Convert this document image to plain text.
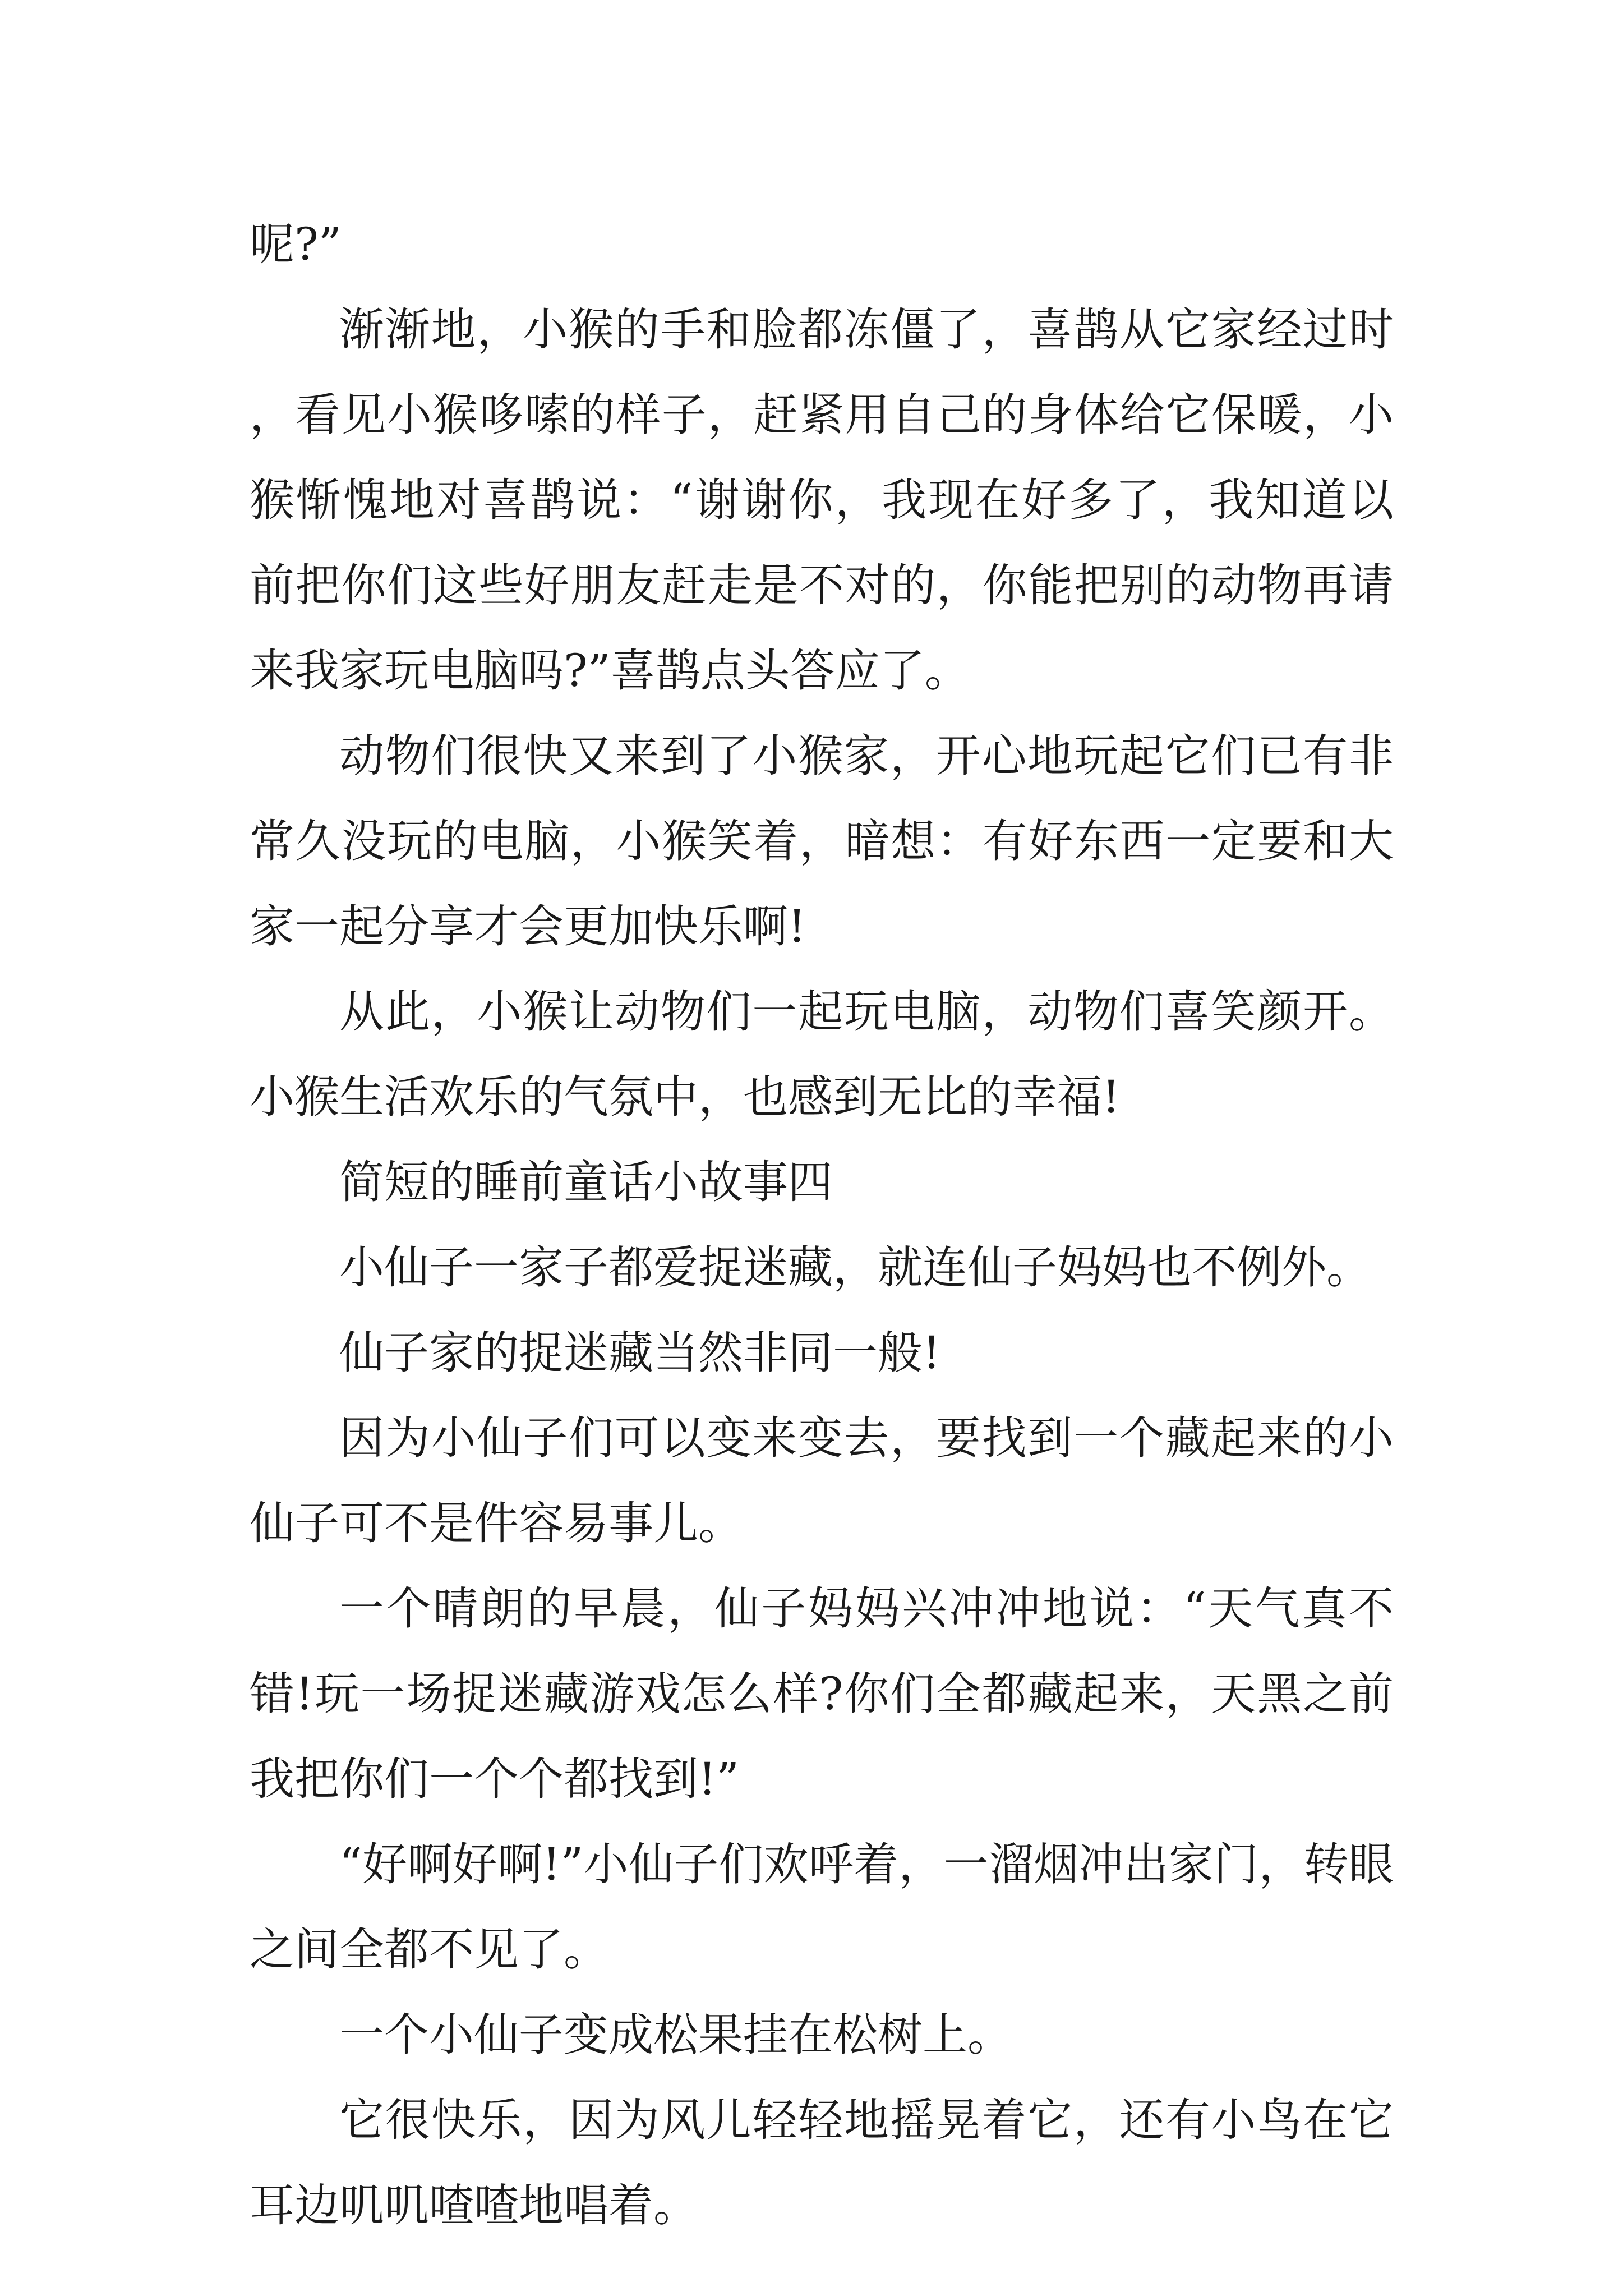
呢?”

渐渐地，小猴的手和脸都冻僵了，喜鹊从它家经过时，看见小猴哆嗦的样子，赶紧用自己的身体给它保暖，小猴惭愧地对喜鹊说：“谢谢你，我现在好多了，我知道以前把你们这些好朋友赶走是不对的，你能把别的动物再请来我家玩电脑吗?”喜鹊点头答应了。

动物们很快又来到了小猴家，开心地玩起它们已有非常久没玩的电脑，小猴笑着，暗想：有好东西一定要和大家一起分享才会更加快乐啊!

从此，小猴让动物们一起玩电脑，动物们喜笑颜开。小猴生活欢乐的气氛中，也感到无比的幸福!

简短的睡前童话小故事四

小仙子一家子都爱捉迷藏，就连仙子妈妈也不例外。

仙子家的捉迷藏当然非同一般!

因为小仙子们可以变来变去，要找到一个藏起来的小仙子可不是件容易事儿。

一个晴朗的早晨，仙子妈妈兴冲冲地说：“天气真不错!玩一场捉迷藏游戏怎么样?你们全都藏起来，天黑之前我把你们一个个都找到!”

“好啊好啊!”小仙子们欢呼着，一溜烟冲出家门，转眼之间全都不见了。

一个小仙子变成松果挂在松树上。

它很快乐，因为风儿轻轻地摇晃着它，还有小鸟在它耳边叽叽喳喳地唱着。
